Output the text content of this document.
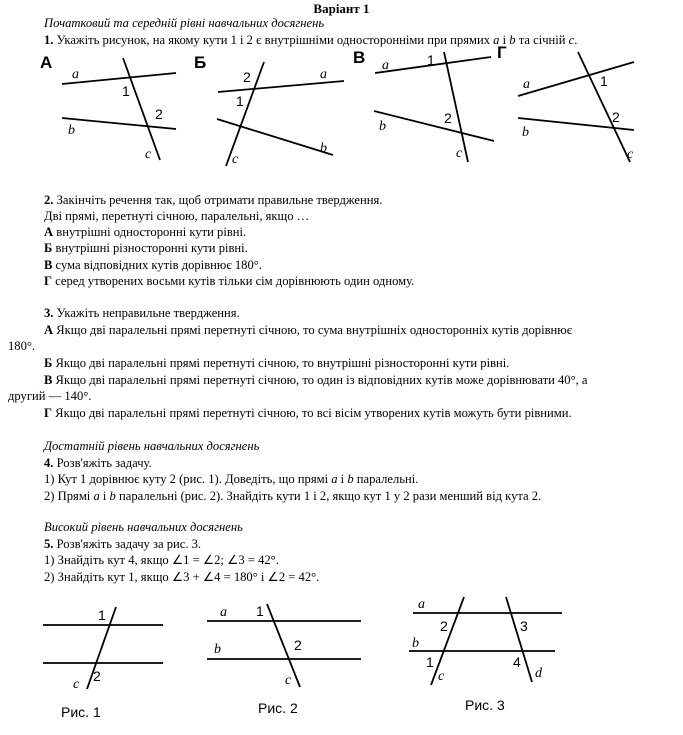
Варіант 1
Початковий та середній рівні навчальних досягнень
1. Укажіть рисунок, на якому кути 1 і 2 є внутрішніми односторонніми при прямих a і b та січній c.
А
a
b
c
1
2
Б
a
b
c
1
2
В a
b
c
1
2
Г
a
b
c
1
2
2. Закінчіть речення так, щоб отримати правильне твердження.
Дві прямі, перетнуті січною, паралельні, якщо …
А внутрішні односторонні кути рівні.
Б внутрішні різносторонні кути рівні.
В сума відповідних кутів дорівнює 180°.
Г серед утворених восьми кутів тільки сім дорівнюють один одному.
3. Укажіть неправильне твердження.
А Якщо дві паралельні прямі перетнуті січною, то сума внутрішніх односторонніх кутів дорівнює
180°.
Б Якщо дві паралельні прямі перетнуті січною, то внутрішні різносторонні кути рівні.
В Якщо дві паралельні прямі перетнуті січною, то один із відповідних кутів може дорівнювати 40°, а
другий — 140°.
Г Якщо дві паралельні прямі перетнуті січною, то всі вісім утворених кутів можуть бути рівними.
Достатній рівень навчальних досягнень
4. Розв'яжіть задачу.
1) Кут 1 дорівнює куту 2 (рис. 1). Доведіть, що прямі a і b паралельні.
2) Прямі a і b паралельні (рис. 2). Знайдіть кути 1 і 2, якщо кут 1 у 2 рази менший від кута 2.
Високий рівень навчальних досягнень
5. Розв'яжіть задачу за рис. 3.
1) Знайдіть кут 4, якщо ∠1 = ∠2; ∠3 = 42°.
2) Знайдіть кут 1, якщо ∠3 + ∠4 = 180° і ∠2 = 42°.
1
2
c
Рис. 1
a
b
c
1
2
Рис. 2
a
b
c	d
1
2	3
4
Рис. 3
